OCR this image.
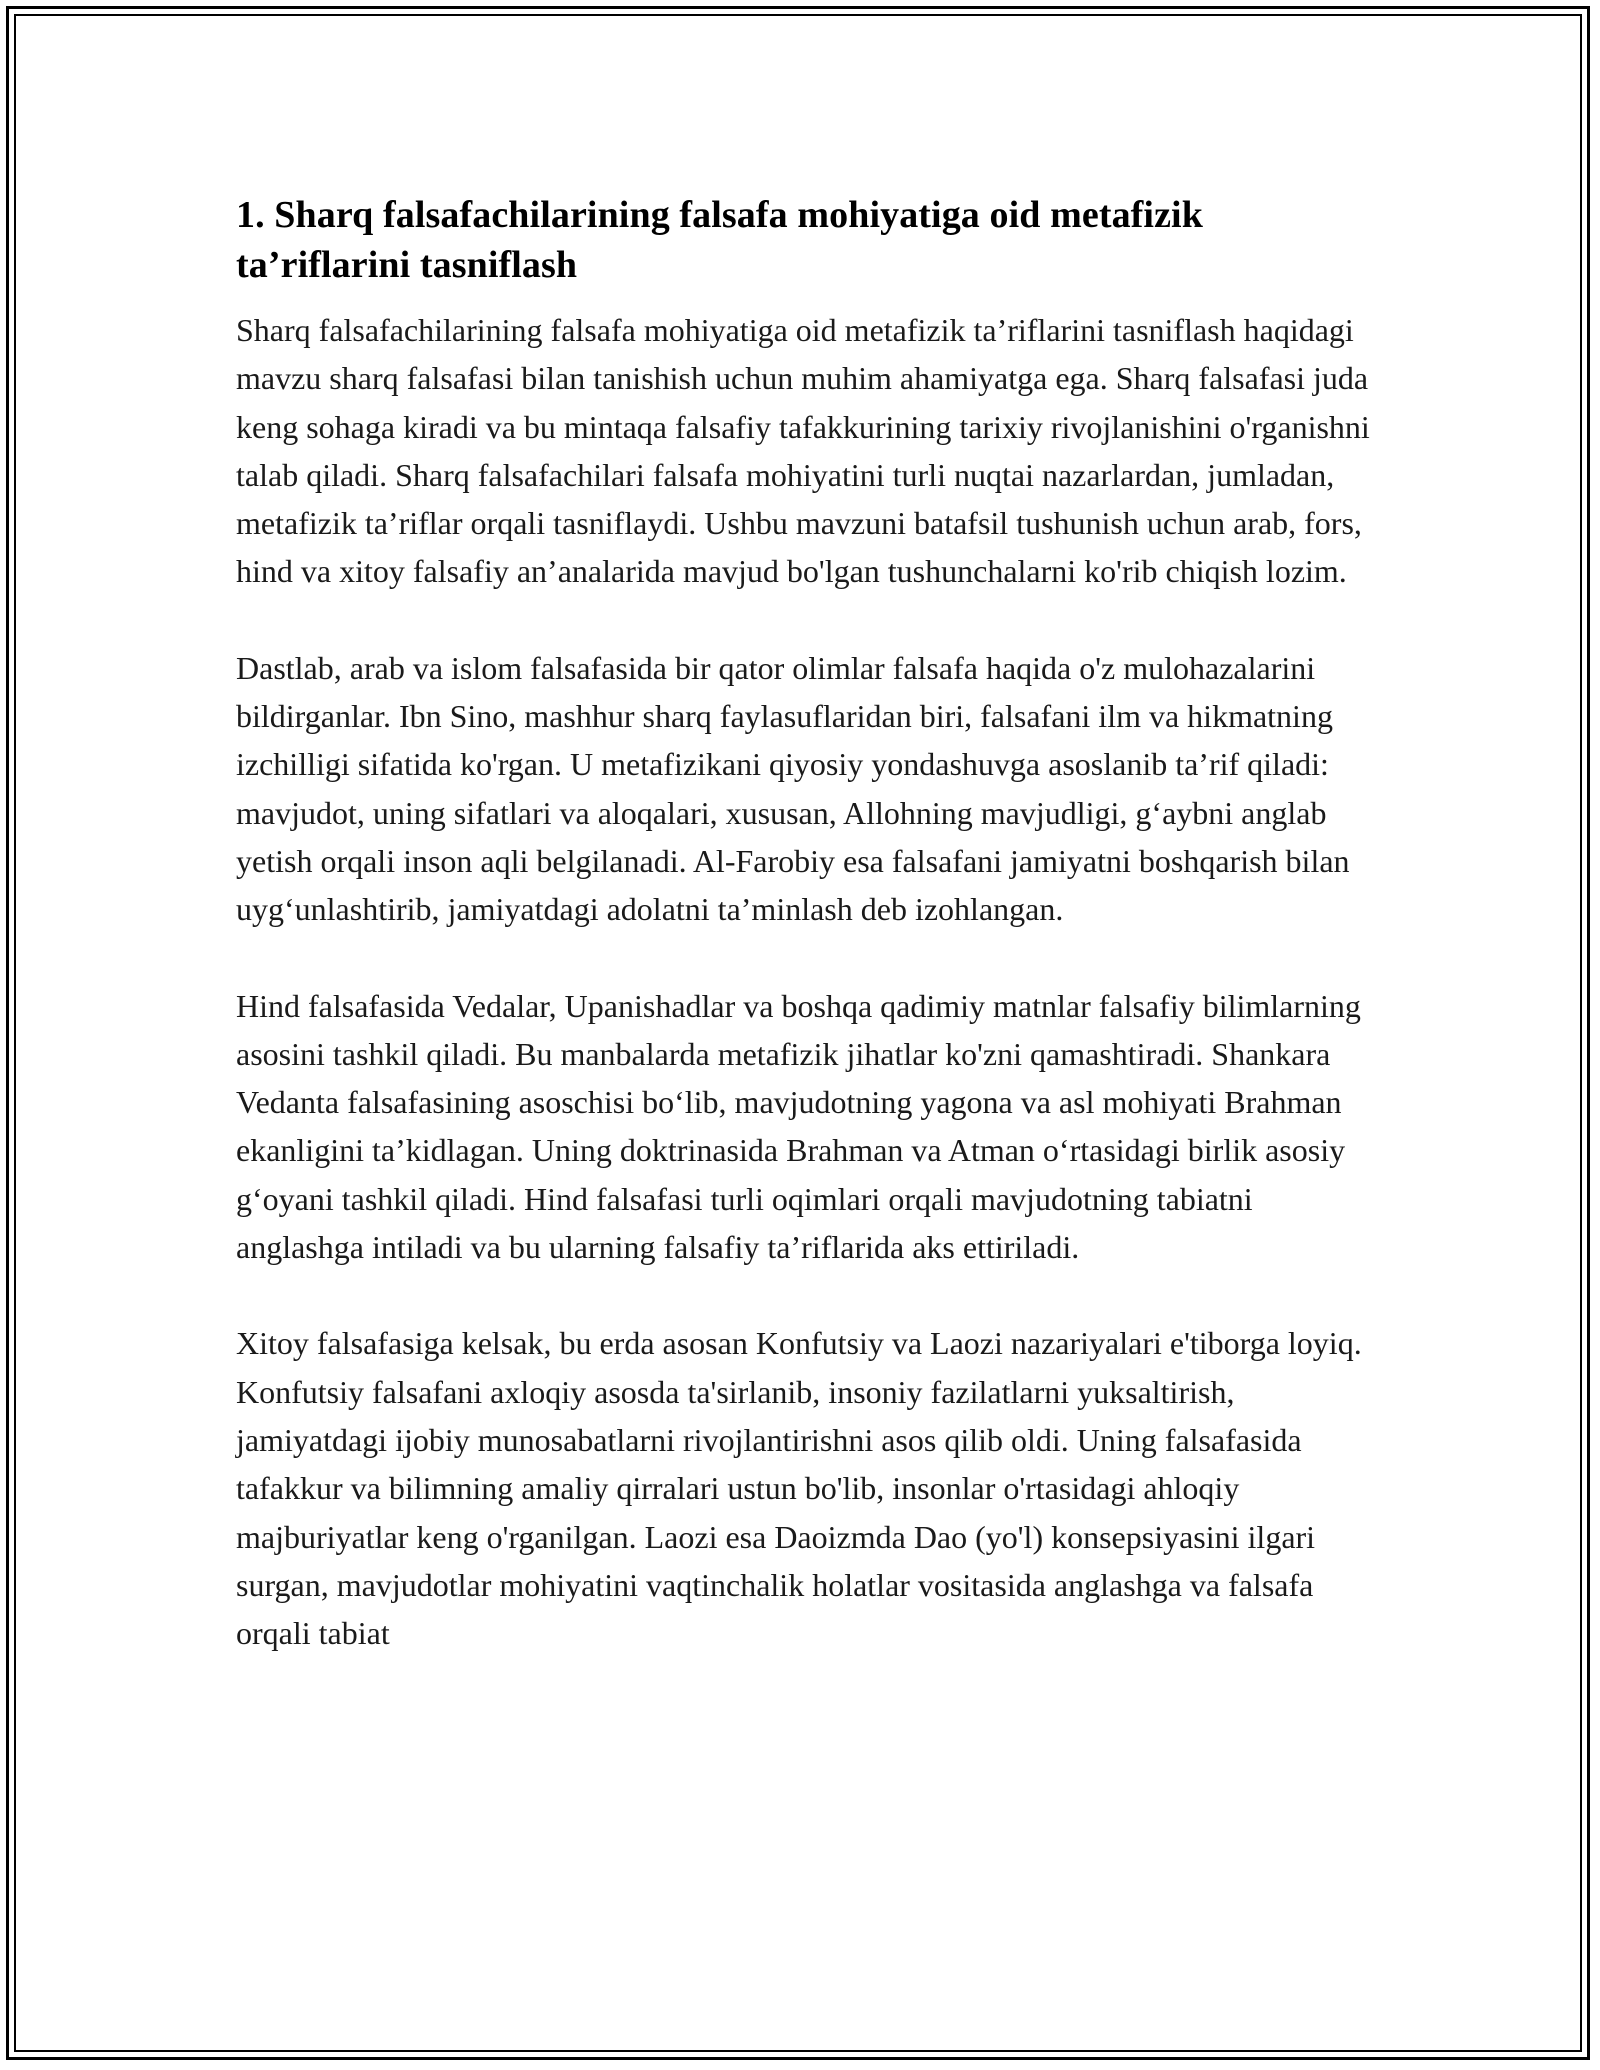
1. Sharq falsafachilarining falsafa mohiyatiga oid metafizik ta’riflarini tasniflash

Sharq falsafachilarining falsafa mohiyatiga oid metafizik ta’riflarini tasniflash haqidagi mavzu sharq falsafasi bilan tanishish uchun muhim ahamiyatga ega. Sharq falsafasi juda keng sohaga kiradi va bu mintaqa falsafiy tafakkurining tarixiy rivojlanishini o'rganishni talab qiladi. Sharq falsafachilari falsafa mohiyatini turli nuqtai nazarlardan, jumladan, metafizik ta’riflar orqali tasniflaydi. Ushbu mavzuni batafsil tushunish uchun arab, fors, hind va xitoy falsafiy an’analarida mavjud bo'lgan tushunchalarni ko'rib chiqish lozim.

Dastlab, arab va islom falsafasida bir qator olimlar falsafa haqida o'z mulohazalarini bildirganlar. Ibn Sino, mashhur sharq faylasuflaridan biri, falsafani ilm va hikmatning izchilligi sifatida ko'rgan. U metafizikani qiyosiy yondashuvga asoslanib ta’rif qiladi: mavjudot, uning sifatlari va aloqalari, xususan, Allohning mavjudligi, g‘aybni anglab yetish orqali inson aqli belgilanadi. Al-Farobiy esa falsafani jamiyatni boshqarish bilan uyg‘unlashtirib, jamiyatdagi adolatni ta’minlash deb izohlangan.

Hind falsafasida Vedalar, Upanishadlar va boshqa qadimiy matnlar falsafiy bilimlarning asosini tashkil qiladi. Bu manbalarda metafizik jihatlar ko'zni qamashtiradi. Shankara Vedanta falsafasining asoschisi bo‘lib, mavjudotning yagona va asl mohiyati Brahman ekanligini ta’kidlagan. Uning doktrinasida Brahman va Atman o‘rtasidagi birlik asosiy g‘oyani tashkil qiladi. Hind falsafasi turli oqimlari orqali mavjudotning tabiatni anglashga intiladi va bu ularning falsafiy ta’riflarida aks ettiriladi.

Xitoy falsafasiga kelsak, bu erda asosan Konfutsiy va Laozi nazariyalari e'tiborga loyiq. Konfutsiy falsafani axloqiy asosda ta'sirlanib, insoniy fazilatlarni yuksaltirish, jamiyatdagi ijobiy munosabatlarni rivojlantirishni asos qilib oldi. Uning falsafasida tafakkur va bilimning amaliy qirralari ustun bo'lib, insonlar o'rtasidagi ahloqiy majburiyatlar keng o'rganilgan. Laozi esa Daoizmda Dao (yo'l) konsepsiyasini ilgari surgan, mavjudotlar mohiyatini vaqtinchalik holatlar vositasida anglashga va falsafa orqali tabiat
